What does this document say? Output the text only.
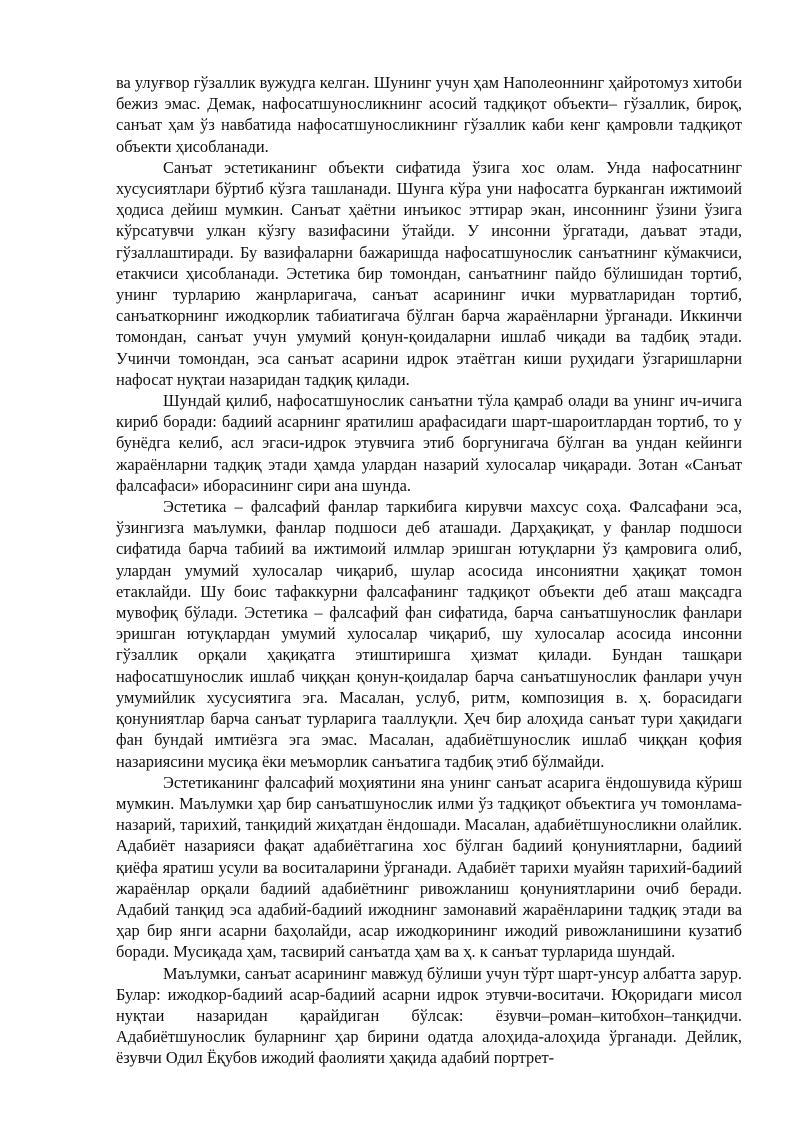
ва улуғвор гўзаллик вужудга келган. Шунинг учун ҳам Наполеоннинг ҳайротомуз хитоби бежиз эмас. Демак, нафосатшуносликнинг асосий тадқиқот объекти– гўзаллик, бироқ, санъат ҳам ўз навбатида нафосатшуносликнинг гўзаллик каби кенг қамровли тадқиқот объекти ҳисобланади.

Санъат эстетиканинг объекти сифатида ўзига хос олам. Унда нафосатнинг хусусиятлари бўртиб кўзга ташланади. Шунга кўра уни нафосатга бурканган ижтимоий ҳодиса дейиш мумкин. Санъат ҳаётни инъикос эттирар экан, инсоннинг ўзини ўзига кўрсатувчи улкан кўзгу вазифасини ўтайди. У инсонни ўргатади, даъват этади, гўзаллаштиради. Бу вазифаларни бажаришда нафосатшунослик санъатнинг кўмакчиси, етакчиси ҳисобланади. Эстетика бир томондан, санъатнинг пайдо бўлишидан тортиб, унинг турларию жанрларигача, санъат асарининг ички мурватларидан тортиб, санъаткорнинг ижодкорлик табиатигача бўлган барча жараёнларни ўрганади. Иккинчи томондан, санъат учун умумий қонун-қоидаларни ишлаб чиқади ва тадбиқ этади. Учинчи томондан, эса санъат асарини идрок этаётган киши руҳидаги ўзгаришларни нафосат нуқтаи назаридан тадқиқ қилади.

Шундай қилиб, нафосатшунослик санъатни тўла қамраб олади ва унинг ич-ичига кириб боради: бадиий асарнинг яратилиш арафасидаги шарт-шароитлардан тортиб, то у бунёдга келиб, асл эгаси-идрок этувчига этиб боргунигача бўлган ва ундан кейинги жараёнларни тадқиқ этади ҳамда улардан назарий хулосалар чиқаради. Зотан «Санъат фалсафаси» иборасининг сири ана шунда.

Эстетика – фалсафий фанлар таркибига кирувчи махсус соҳа. Фалсафани эса, ўзингизга маълумки, фанлар подшоси деб аташади. Дарҳақиқат, у фанлар подшоси сифатида барча табиий ва ижтимоий илмлар эришган ютуқларни ўз қамровига олиб, улардан умумий хулосалар чиқариб, шулар асосида инсониятни ҳақиқат томон етаклайди. Шу боис тафаккурни фалсафанинг тадқиқот объекти деб аташ мақсадга мувофиқ бўлади. Эстетика – фалсафий фан сифатида, барча санъатшунослик фанлари эришган ютуқлардан умумий хулосалар чиқариб, шу хулосалар асосида инсонни гўзаллик орқали ҳақиқатга этиштиришга ҳизмат қилади. Бундан ташқари нафосатшунослик ишлаб чиққан қонун-қоидалар барча санъатшунослик фанлари учун умумийлик хусусиятига эга. Масалан, услуб, ритм, композиция в. ҳ. борасидаги қонуниятлар барча санъат турларига тааллуқли. Ҳеч бир алоҳида санъат тури ҳақидаги фан бундай имтиёзга эга эмас. Масалан, адабиётшунослик ишлаб чиққан қофия назариясини мусиқа ёки меъморлик санъатига тадбиқ этиб бўлмайди.

Эстетиканинг фалсафий моҳиятини яна унинг санъат асарига ёндошувида кўриш мумкин. Маълумки ҳар бир санъатшунослик илми ўз тадқиқот объектига уч томонлама- назарий, тарихий, танқидий жиҳатдан ёндошади. Масалан, адабиётшуносликни олайлик. Адабиёт назарияси фақат адабиётгагина хос бўлган бадиий қонуниятларни, бадиий қиёфа яратиш усули ва воситаларини ўрганади. Адабиёт тарихи муайян тарихий-бадиий жараёнлар орқали бадиий адабиётнинг ривожланиш қонуниятларини очиб беради. Адабий танқид эса адабий-бадиий ижоднинг замонавий жараёнларини тадқиқ этади ва ҳар бир янги асарни баҳолайди, асар ижодкорининг ижодий ривожланишини кузатиб боради. Мусиқада ҳам, тасвирий санъатда ҳам ва ҳ. к санъат турларида шундай.

Маълумки, санъат асарининг мавжуд бўлиши учун тўрт шарт-унсур албатта зарур. Булар: ижодкор-бадиий асар-бадиий асарни идрок этувчи-воситачи. Юқоридаги мисол нуқтаи назаридан қарайдиган бўлсак: ёзувчи–роман–китобхон–танқидчи. Адабиётшунослик буларнинг ҳар бирини одатда алоҳида-алоҳида ўрганади. Дейлик, ёзувчи Одил Ёқубов ижодий фаолияти ҳақида адабий портрет-
